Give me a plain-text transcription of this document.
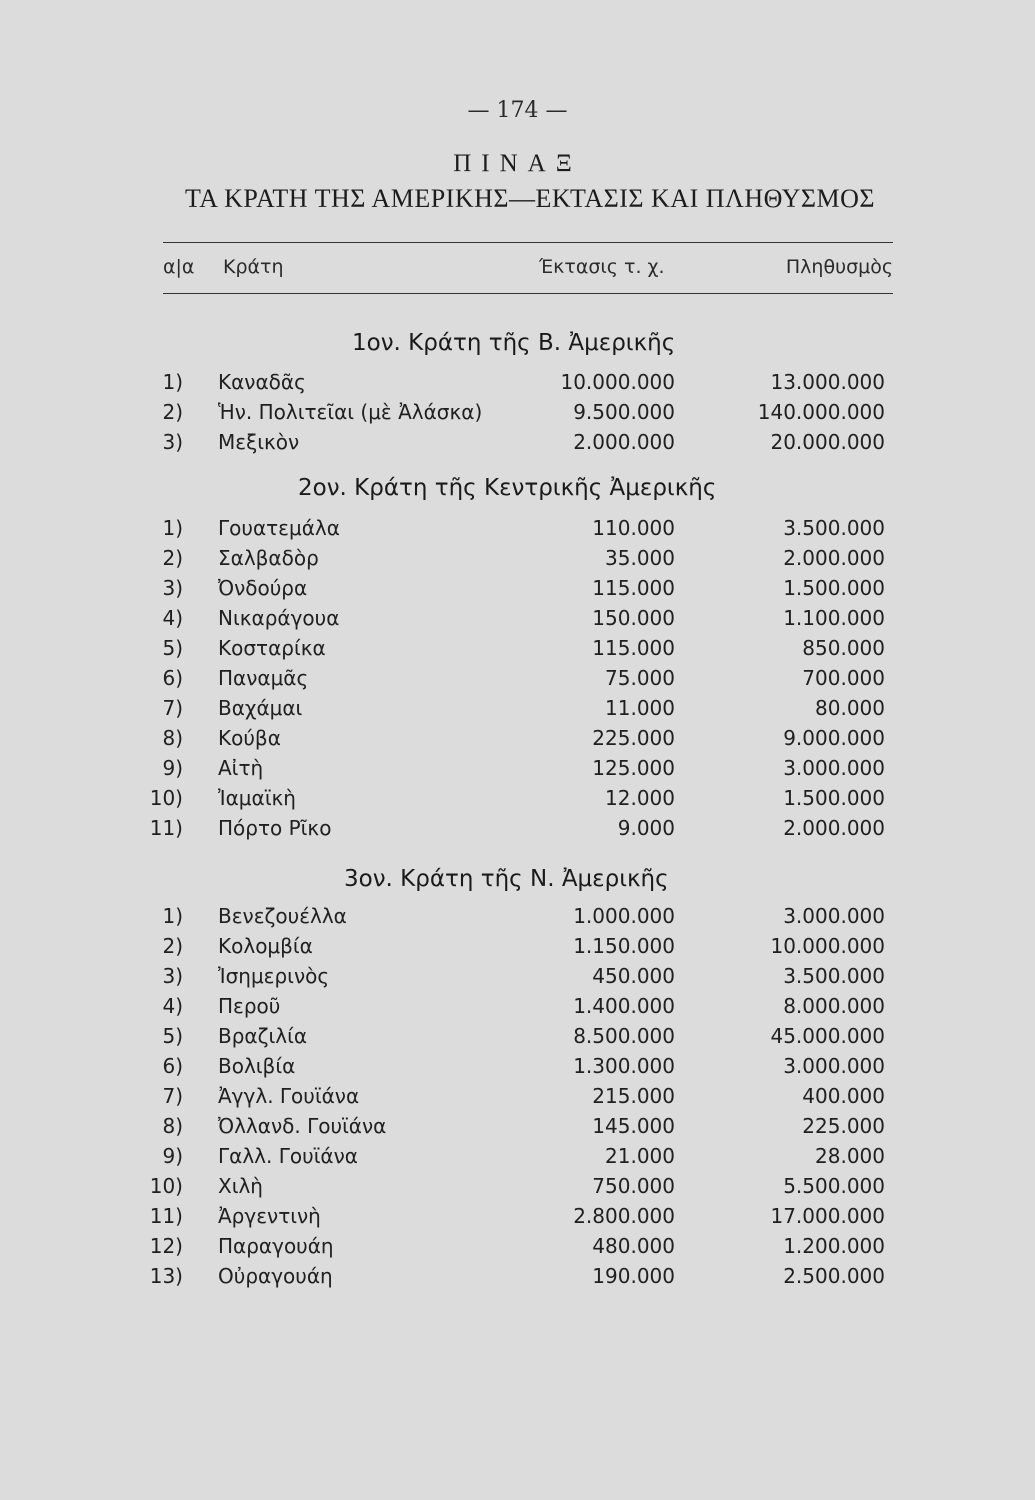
— 174 —
ΠΙΝΑΞ
ΤΑ ΚΡΑΤΗ ΤΗΣ ΑΜΕΡΙΚΗΣ—ΕΚΤΑΣΙΣ ΚΑΙ ΠΛΗΘΥΣΜΟΣ
α|α Κράτη	Έκτασις τ. χ.	Πληθυσμὸς
1ον. Κράτη τῆς Β. Ἀμερικῆς
1) Καναδᾶς	10.000.000	13.000.000
2) Ἡν. Πολιτεῖαι (μὲ Ἀλάσκα)	9.500.000	140.000.000
3) Μεξικὸν	2.000.000	20.000.000
2ον. Κράτη τῆς Κεντρικῆς Ἀμερικῆς
1) Γουατεμάλα	110.000	3.500.000
2) Σαλβαδὸρ	35.000	2.000.000
3) Ὀνδούρα	115.000	1.500.000
4) Νικαράγουα	150.000	1.100.000
5) Κοσταρίκα	115.000	850.000
6) Παναμᾶς	75.000	700.000
7) Βαχάμαι	11.000	80.000
8) Κούβα	225.000	9.000.000
9) Αἰτὴ	125.000	3.000.000
10) Ἰαμαϊκὴ	12.000	1.500.000
11) Πόρτο Ρῖκο	9.000	2.000.000
3ον. Κράτη τῆς Ν. Ἀμερικῆς
1) Βενεζουέλλα	1.000.000	3.000.000
2) Κολομβία	1.150.000	10.000.000
3) Ἰσημερινὸς	450.000	3.500.000
4) Περοῦ	1.400.000	8.000.000
5) Βραζιλία	8.500.000	45.000.000
6) Βολιβία	1.300.000	3.000.000
7) Ἀγγλ. Γουϊάνα	215.000	400.000
8) Ὀλλανδ. Γουϊάνα	145.000	225.000
9) Γαλλ. Γουϊάνα	21.000	28.000
10) Χιλὴ	750.000	5.500.000
11) Ἀργεντινὴ	2.800.000	17.000.000
12) Παραγουάη	480.000	1.200.000
13) Οὐραγουάη	190.000	2.500.000
